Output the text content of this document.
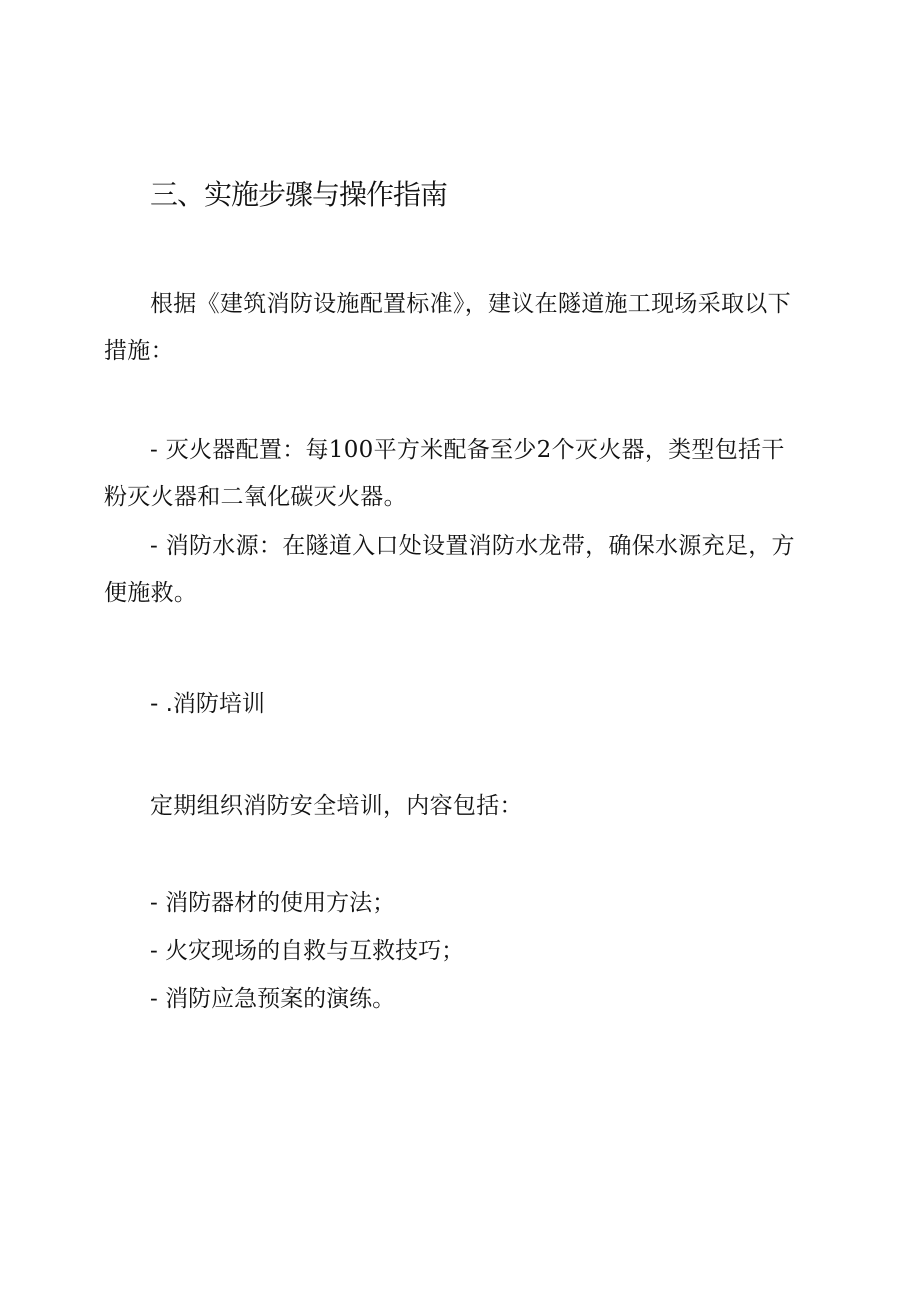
三、实施步骤与操作指南

根据《建筑消防设施配置标准》，建议在隧道施工现场采取以下措施：

- 灭火器配置：每100平方米配备至少2个灭火器，类型包括干粉灭火器和二氧化碳灭火器。

- 消防水源：在隧道入口处设置消防水龙带，确保水源充足，方便施救。

- .消防培训

定期组织消防安全培训，内容包括：

- 消防器材的使用方法；
- 火灾现场的自救与互救技巧；
- 消防应急预案的演练。
